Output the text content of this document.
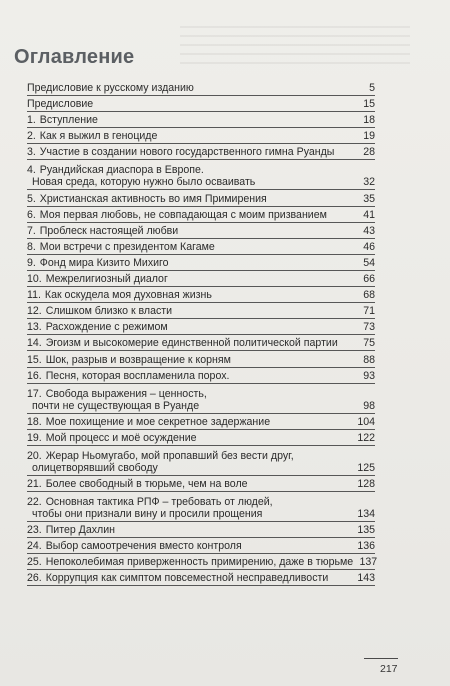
Оглавление
Предисловие к русскому изданию	5
Предисловие	15
1. Вступление	18
2. Как я выжил в геноциде	19
3. Участие в создании нового государственного гимна Руанды	28
4. Руандийская диаспора в Европе.
Новая среда, которую нужно было осваивать	32
5. Христианская активность во имя Примирения	35
6. Моя первая любовь, не совпадающая с моим призванием	41
7. Проблеск настоящей любви	43
8. Мои встречи с президентом Кагаме	46
9. Фонд мира Кизито Михиго	54
10. Межрелигиозный диалог	66
11. Как оскудела моя духовная жизнь	68
12. Слишком близко к власти	71
13. Расхождение с режимом	73
14. Эгоизм и высокомерие единственной политической партии	75
15. Шок, разрыв и возвращение к корням	88
16. Песня, которая воспламенила порох.	93
17. Свобода выражения – ценность,
почти не существующая в Руанде	98
18. Мое похищение и мое секретное задержание	104
19. Мой процесс и моё осуждение	122
20. Жерар Ньомугабо, мой пропавший без вести друг,
олицетворявший свободу	125
21. Более свободный в тюрьме, чем на воле	128
22. Основная тактика РПФ – требовать от людей,
чтобы они признали вину и просили прощения	134
23. Питер Дахлин	135
24. Выбор самоотречения вместо контроля	136
25. Непоколебимая приверженность примирению, даже в тюрьме 137
26. Коррупция как симптом повсеместной несправедливости	143
217
